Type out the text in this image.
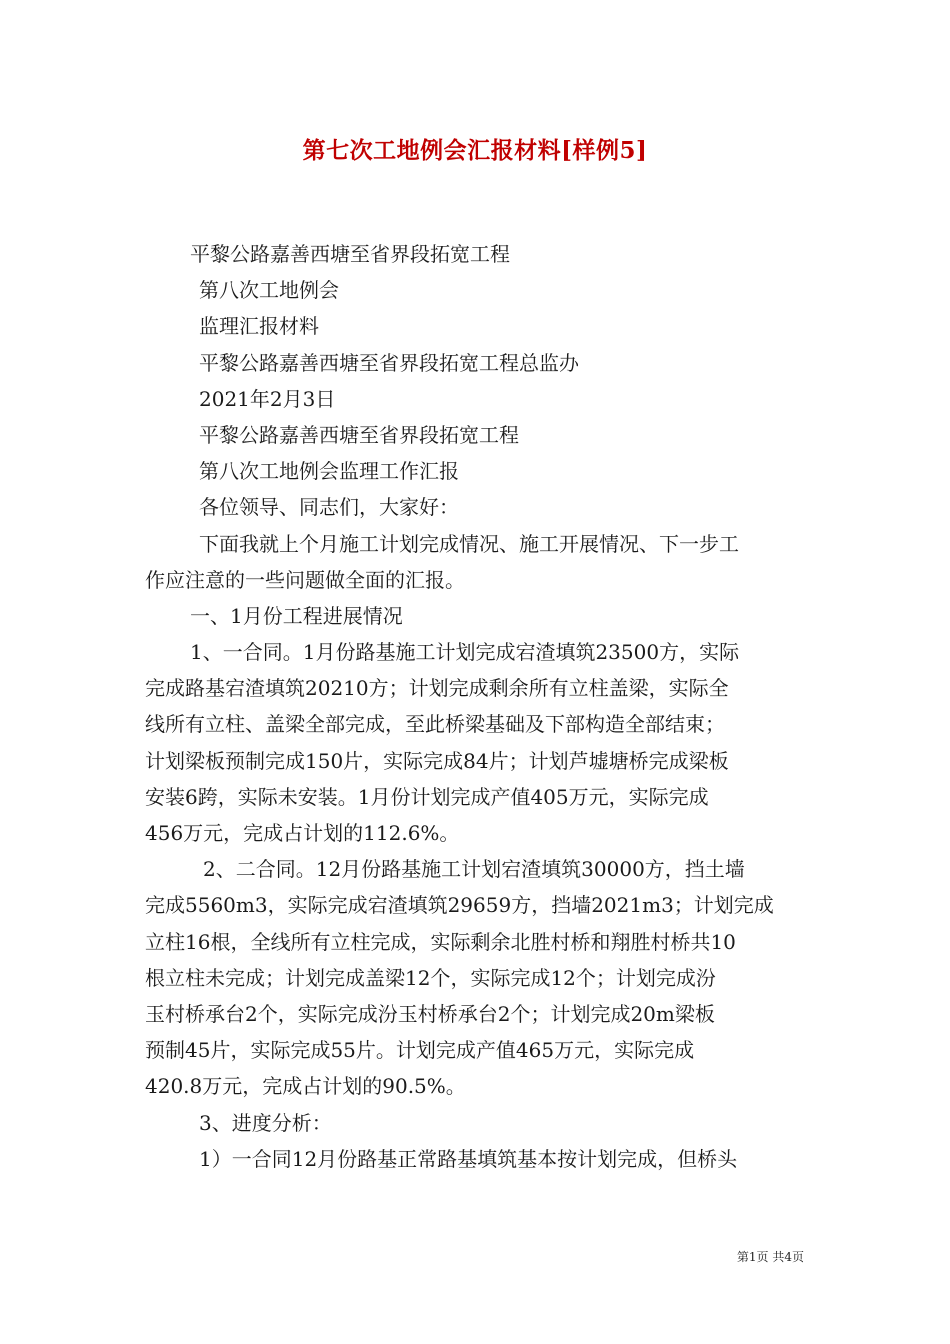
第七次工地例会汇报材料[样例5]
平黎公路嘉善西塘至省界段拓宽工程
第八次工地例会
监理汇报材料
平黎公路嘉善西塘至省界段拓宽工程总监办
2021年2月3日
平黎公路嘉善西塘至省界段拓宽工程
第八次工地例会监理工作汇报
各位领导、同志们，大家好：
下面我就上个月施工计划完成情况、施工开展情况、下一步工
作应注意的一些问题做全面的汇报。
一、1月份工程进展情况
1、一合同。1月份路基施工计划完成宕渣填筑23500方，实际
完成路基宕渣填筑20210方；计划完成剩余所有立柱盖梁，实际全
线所有立柱、盖梁全部完成，至此桥梁基础及下部构造全部结束；
计划梁板预制完成150片，实际完成84片；计划芦墟塘桥完成梁板
安装6跨，实际未安装。1月份计划完成产值405万元，实际完成
456万元，完成占计划的112.6%。
2、二合同。12月份路基施工计划宕渣填筑30000方，挡土墙
完成5560m3，实际完成宕渣填筑29659方，挡墙2021m3；计划完成
立柱16根，全线所有立柱完成，实际剩余北胜村桥和翔胜村桥共10
根立柱未完成；计划完成盖梁12个，实际完成12个；计划完成汾
玉村桥承台2个，实际完成汾玉村桥承台2个；计划完成20m梁板
预制45片，实际完成55片。计划完成产值465万元，实际完成
420.8万元，完成占计划的90.5%。
3、进度分析：
1）一合同12月份路基正常路基填筑基本按计划完成，但桥头
第1页 共4页
